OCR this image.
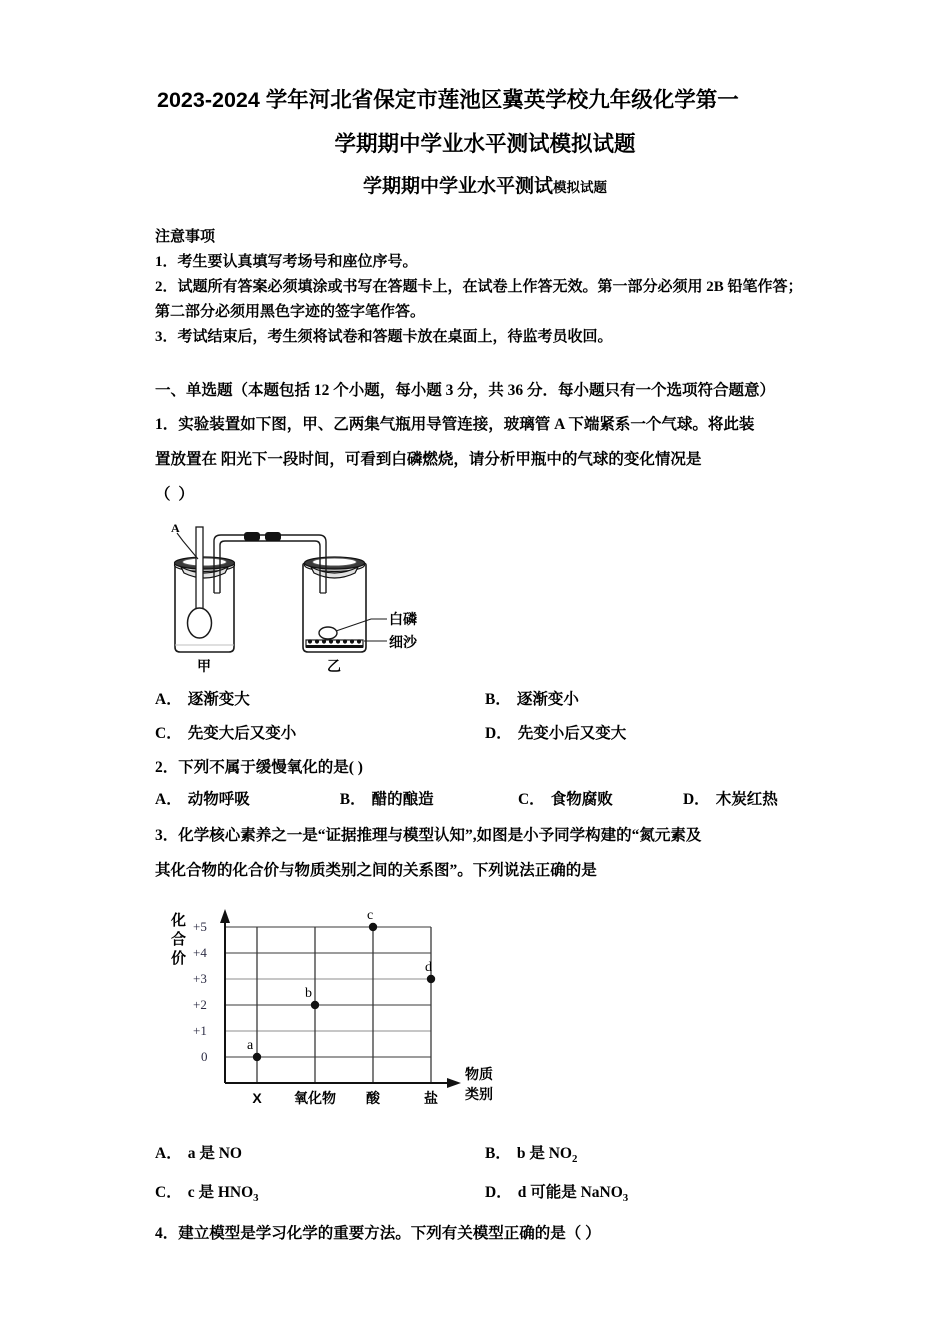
2023-2024 学年河北省保定市莲池区冀英学校九年级化学第一
学期期中学业水平测试模拟试题
学期期中学业水平测试模拟试题

注意事项

1．考生要认真填写考场号和座位序号。

2．试题所有答案必须填涂或书写在答题卡上，在试卷上作答无效。第一部分必须用 2B 铅笔作答；第二部分必须用黑色字迹的签字笔作答。

3．考试结束后，考生须将试卷和答题卡放在桌面上，待监考员收回。

一、单选题（本题包括 12 个小题，每小题 3 分，共 36 分．每小题只有一个选项符合题意）
1．实验装置如下图，甲、乙两集气瓶用导管连接，玻璃管 A 下端紧系一个气球。将此装
置放置在 阳光下一段时间，可看到白磷燃烧，请分析甲瓶中的气球的变化情况是
（ ）
A
甲	乙
白磷
细沙
A． 逐渐变大	B． 逐渐变小
C． 先变大后又变小	D． 先变小后又变大
2．下列不属于缓慢氧化的是( )
A． 动物呼吸	B． 醋的酿造	C． 食物腐败	D． 木炭红热
3．化学核心素养之一是“证据推理与模型认知”,如图是小予同学构建的“氮元素及
其化合物的化合价与物质类别之间的关系图”。下列说法正确的是
化
合
价
+5
+4
+3
+2
+1
0
a
b
c
d
X 氧化物 酸	盐
物质
类别
A． a 是 NO	B． b 是 $NO_2$
C． c 是 $HNO_3$	D． d 可能是 NaNO$_3$
4．建立模型是学习化学的重要方法。下列有关模型正确的是（ ）
